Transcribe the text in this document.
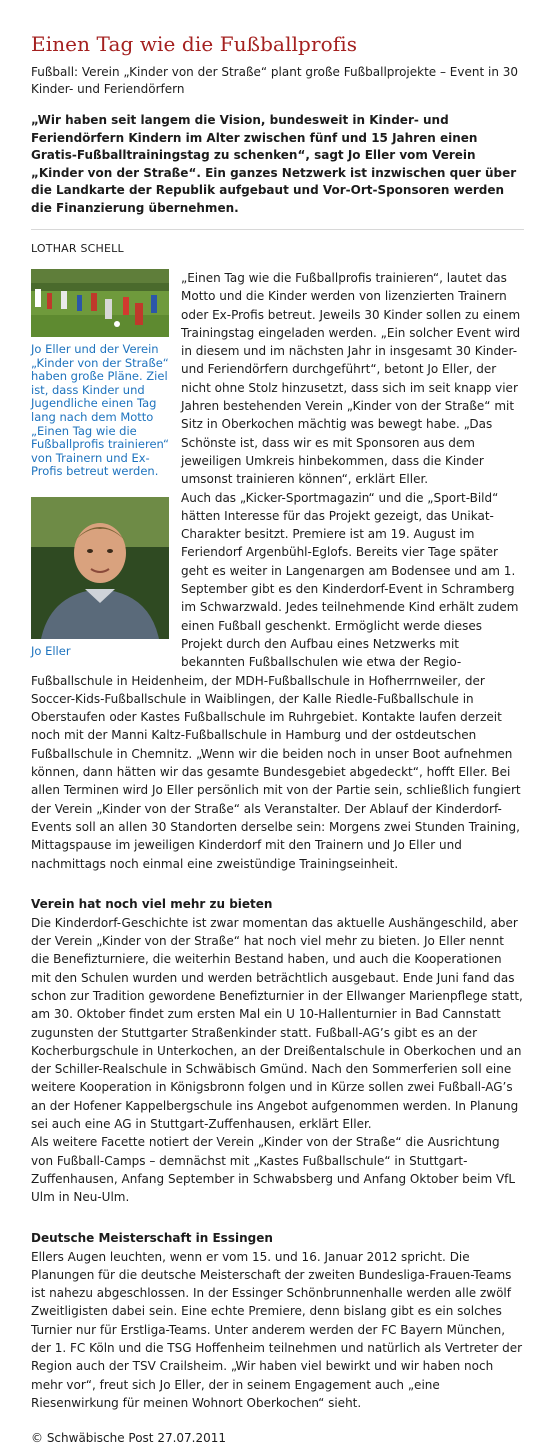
Einen Tag wie die Fußballprofis

Fußball: Verein „Kinder von der Straße“ plant große Fußballprojekte – Event in 30 Kinder- und Feriendörfern

„Wir haben seit langem die Vision, bundesweit in Kinder- und Feriendörfern Kindern im Alter zwischen fünf und 15 Jahren einen Gratis-Fußballtrainingstag zu schenken“, sagt Jo Eller vom Verein „Kinder von der Straße“. Ein ganzes Netzwerk ist inzwischen quer über die Landkarte der Republik aufgebaut und Vor-Ort-Sponsoren werden die Finanzierung übernehmen.

LOTHAR SCHELL
Jo Eller und der Verein „Kinder von der Straße“ haben große Pläne. Ziel ist, dass Kinder und Jugendliche einen Tag lang nach dem Motto „Einen Tag wie die Fußballprofis trainieren“ von Trainern und Ex-Profis betreut werden.
Jo Eller

„Einen Tag wie die Fußballprofis trainieren“, lautet das Motto und die Kinder werden von lizenzierten Trainern oder Ex-Profis betreut. Jeweils 30 Kinder sollen zu einem Trainingstag eingeladen werden. „Ein solcher Event wird in diesem und im nächsten Jahr in insgesamt 30 Kinder- und Feriendörfern durchgeführt“, betont Jo Eller, der nicht ohne Stolz hinzusetzt, dass sich im seit knapp vier Jahren bestehenden Verein „Kinder von der Straße“ mit Sitz in Oberkochen mächtig was bewegt habe. „Das Schönste ist, dass wir es mit Sponsoren aus dem jeweiligen Umkreis hinbekommen, dass die Kinder umsonst trainieren können“, erklärt Eller.

Auch das „Kicker-Sportmagazin“ und die „Sport-Bild“ hätten Interesse für das Projekt gezeigt, das Unikat-Charakter besitzt. Premiere ist am 19. August im Feriendorf Argenbühl-Eglofs. Bereits vier Tage später geht es weiter in Langenargen am Bodensee und am 1. September gibt es den Kinderdorf-Event in Schramberg im Schwarzwald. Jedes teilnehmende Kind erhält zudem einen Fußball geschenkt. Ermöglicht werde dieses Projekt durch den Aufbau eines Netzwerks mit bekannten Fußballschulen wie etwa der Regio-Fußballschule in Heidenheim, der MDH-Fußballschule in Hofherrnweiler, der Soccer-Kids-Fußballschule in Waiblingen, der Kalle Riedle-Fußballschule in Oberstaufen oder Kastes Fußballschule im Ruhrgebiet. Kontakte laufen derzeit noch mit der Manni Kaltz-Fußballschule in Hamburg und der ostdeutschen Fußballschule in Chemnitz. „Wenn wir die beiden noch in unser Boot aufnehmen können, dann hätten wir das gesamte Bundesgebiet abgedeckt“, hofft Eller. Bei allen Terminen wird Jo Eller persönlich mit von der Partie sein, schließlich fungiert der Verein „Kinder von der Straße“ als Veranstalter. Der Ablauf der Kinderdorf-Events soll an allen 30 Standorten derselbe sein: Morgens zwei Stunden Training, Mittagspause im jeweiligen Kinderdorf mit den Trainern und Jo Eller und nachmittags noch einmal eine zweistündige Trainingseinheit.

Verein hat noch viel mehr zu bieten

Die Kinderdorf-Geschichte ist zwar momentan das aktuelle Aushängeschild, aber der Verein „Kinder von der Straße“ hat noch viel mehr zu bieten. Jo Eller nennt die Benefizturniere, die weiterhin Bestand haben, und auch die Kooperationen mit den Schulen wurden und werden beträchtlich ausgebaut. Ende Juni fand das schon zur Tradition gewordene Benefizturnier in der Ellwanger Marienpflege statt, am 30. Oktober findet zum ersten Mal ein U 10-Hallenturnier in Bad Cannstatt zugunsten der Stuttgarter Straßenkinder statt. Fußball-AG’s gibt es an der Kocherburgschule in Unterkochen, an der Dreißentalschule in Oberkochen und an der Schiller-Realschule in Schwäbisch Gmünd. Nach den Sommerferien soll eine weitere Kooperation in Königsbronn folgen und in Kürze sollen zwei Fußball-AG’s an der Hofener Kappelbergschule ins Angebot aufgenommen werden. In Planung sei auch eine AG in Stuttgart-Zuffenhausen, erklärt Eller.

Als weitere Facette notiert der Verein „Kinder von der Straße“ die Ausrichtung von Fußball-Camps – demnächst mit „Kastes Fußballschule“ in Stuttgart-Zuffenhausen, Anfang September in Schwabsberg und Anfang Oktober beim VfL Ulm in Neu-Ulm.

Deutsche Meisterschaft in Essingen

Ellers Augen leuchten, wenn er vom 15. und 16. Januar 2012 spricht. Die Planungen für die deutsche Meisterschaft der zweiten Bundesliga-Frauen-Teams ist nahezu abgeschlossen. In der Essinger Schönbrunnenhalle werden alle zwölf Zweitligisten dabei sein. Eine echte Premiere, denn bislang gibt es ein solches Turnier nur für Erstliga-Teams. Unter anderem werden der FC Bayern München, der 1. FC Köln und die TSG Hoffenheim teilnehmen und natürlich als Vertreter der Region auch der TSV Crailsheim. „Wir haben viel bewirkt und wir haben noch mehr vor“, freut sich Jo Eller, der in seinem Engagement auch „eine Riesenwirkung für meinen Wohnort Oberkochen“ sieht.

© Schwäbische Post 27.07.2011
